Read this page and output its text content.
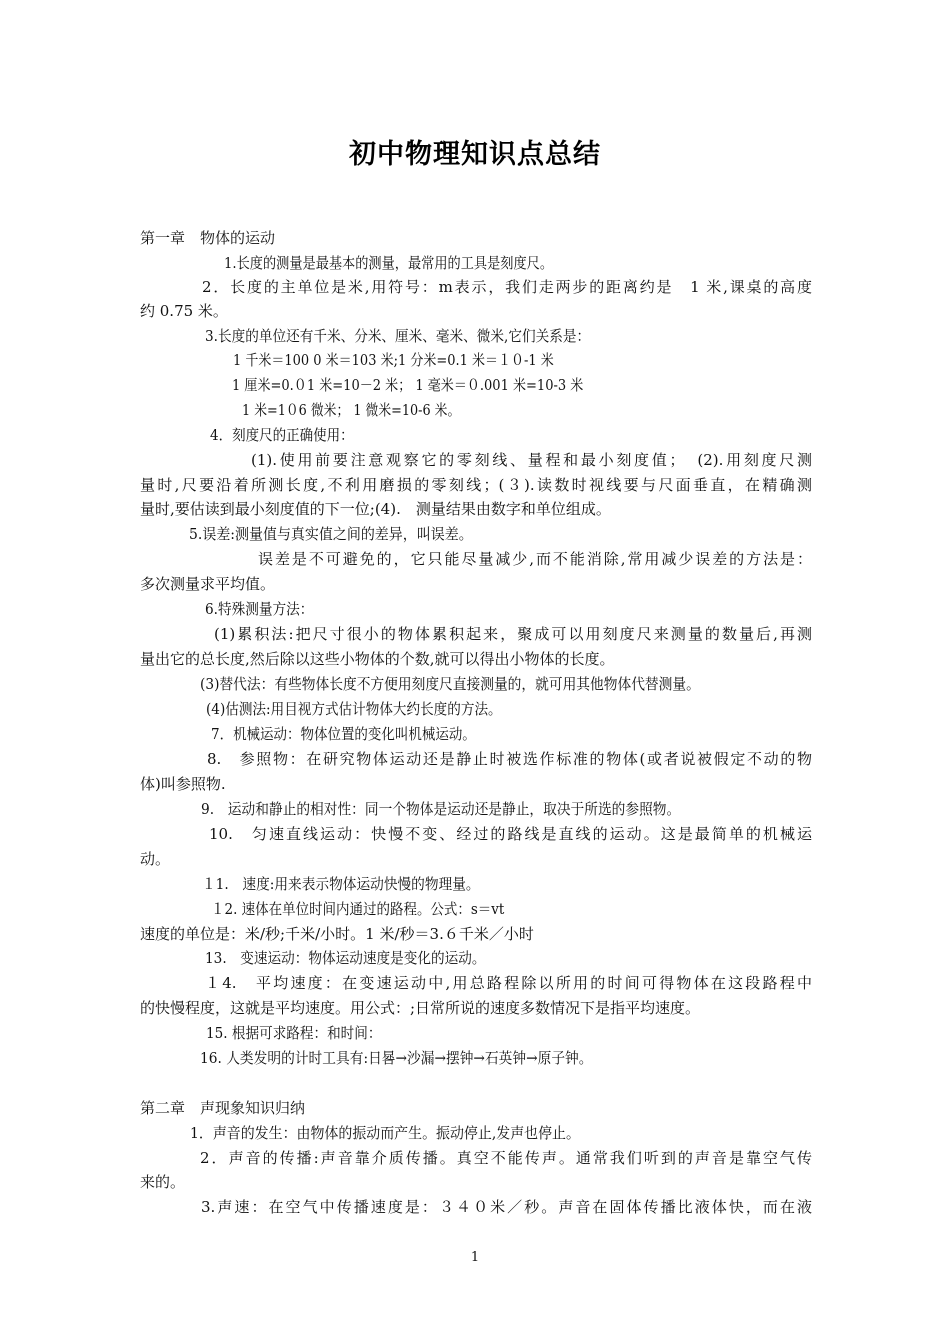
初中物理知识点总结
第一章　物体的运动
1.长度的测量是最基本的测量，最常用的工具是刻度尺。
2．长度的主单位是米,用符号：m表示，我们走两步的距离约是　1 米,课桌的高度
约 0.75 米。
3.长度的单位还有千米、分米、厘米、毫米、微米,它们关系是：
1 千米＝100 0 米＝103 米;1 分米=0.1 米＝１０-1 米
1 厘米=0.０1 米=10－2 米； 1 毫米＝０.001 米=10-3 米
1 米=1０6 微米； 1 微米=10-6 米。
4．刻度尺的正确使用：
(1).使用前要注意观察它的零刻线、量程和最小刻度值；　(2).用刻度尺测
量时,尺要沿着所测长度,不利用磨损的零刻线；(３).读数时视线要与尺面垂直，在精确测
量时,要估读到最小刻度值的下一位;(4).　测量结果由数字和单位组成。
5.误差:测量值与真实值之间的差异，叫误差。
误差是不可避免的，它只能尽量减少,而不能消除,常用减少误差的方法是：
多次测量求平均值。
6.特殊测量方法：
(1)累积法:把尺寸很小的物体累积起来，聚成可以用刻度尺来测量的数量后,再测
量出它的总长度,然后除以这些小物体的个数,就可以得出小物体的长度。
(3)替代法：有些物体长度不方便用刻度尺直接测量的，就可用其他物体代替测量。
(4)估测法:用目视方式估计物体大约长度的方法。
7．机械运动：物体位置的变化叫机械运动。
8.　参照物：在研究物体运动还是静止时被选作标准的物体(或者说被假定不动的物
体)叫参照物.
9.　运动和静止的相对性：同一个物体是运动还是静止，取决于所选的参照物。
10.　匀速直线运动：快慢不变、经过的路线是直线的运动。这是最简单的机械运
动。
１1.　速度:用来表示物体运动快慢的物理量。
１2. 速体在单位时间内通过的路程。公式：s＝vt
速度的单位是：米/秒;千米/小时。1 米/秒＝3.６千米／小时
13.　变速运动：物体运动速度是变化的运动。
１4.　平均速度：在变速运动中,用总路程除以所用的时间可得物体在这段路程中
的快慢程度，这就是平均速度。用公式：;日常所说的速度多数情况下是指平均速度。
15. 根据可求路程：和时间：
16. 人类发明的计时工具有:日晷→沙漏→摆钟→石英钟→原子钟。
第二章　声现象知识归纳
1．声音的发生：由物体的振动而产生。振动停止,发声也停止。
2．声音的传播:声音靠介质传播。真空不能传声。通常我们听到的声音是靠空气传
来的。
3.声速：在空气中传播速度是：３４０米／秒。声音在固体传播比液体快，而在液
1
